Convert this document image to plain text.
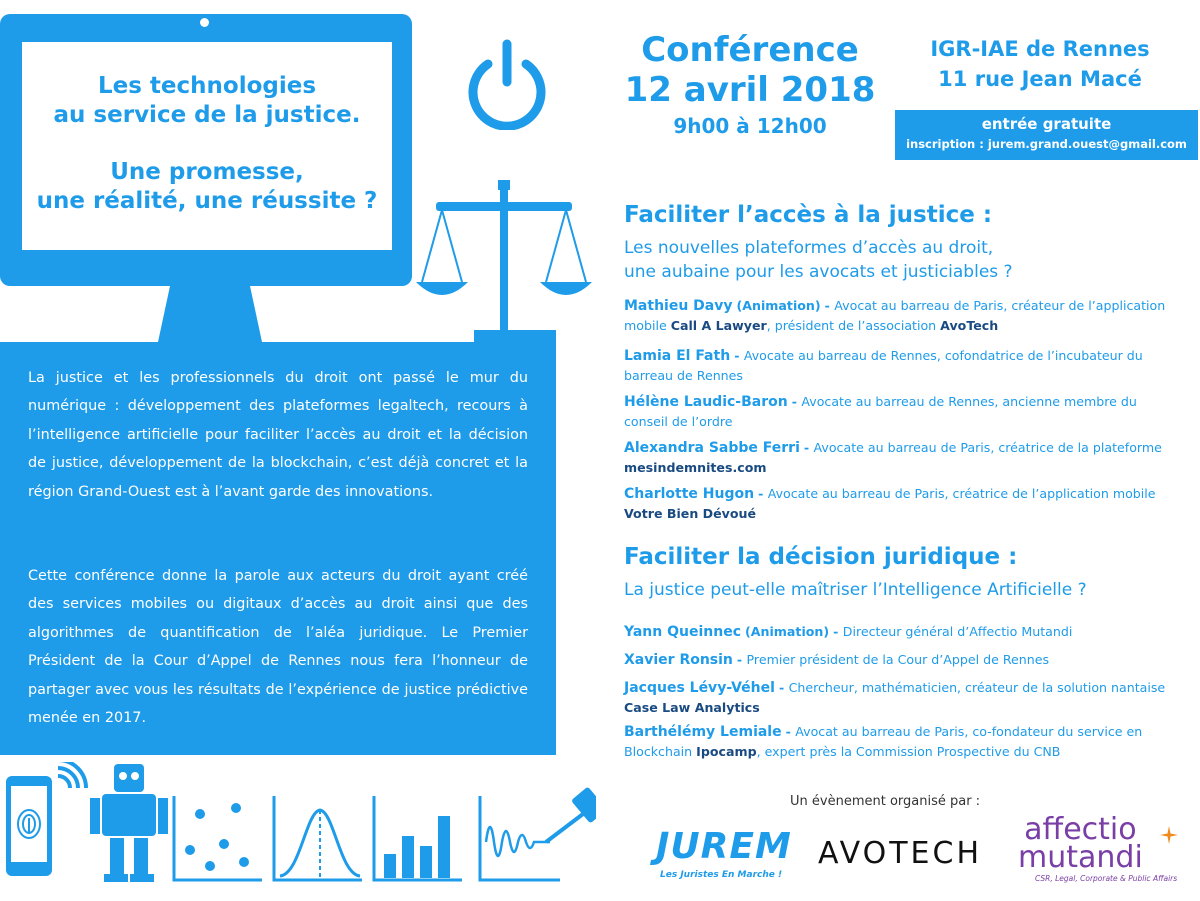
Les technologies
au service de la justice.
Une promesse,
une réalité, une réussite ?

La justice et les professionnels du droit ont passé le mur du numérique : développement des plateformes legaltech, recours à l’intelligence artificielle pour faciliter l’accès au droit et la décision de justice, développement de la blockchain, c’est déjà concret et la région Grand-Ouest est à l’avant garde des innovations.

Cette conférence donne la parole aux acteurs du droit ayant créé des services mobiles ou digitaux d’accès au droit ainsi que des algorithmes de quantification de l’aléa juridique. Le Premier Président de la Cour d’Appel de Rennes nous fera l’honneur de partager avec vous les résultats de l’expérience de justice prédictive menée en 2017.

Conférence
12 avril 2018
9h00 à 12h00
IGR-IAE de Rennes
11 rue Jean Macé
entrée gratuite
inscription : jurem.grand.ouest@gmail.com
Faciliter l’accès à la justice :
Les nouvelles plateformes d’accès au droit,
une aubaine pour les avocats et justiciables ?
Mathieu Davy (Animation) - Avocat au barreau de Paris, créateur de l’application mobile Call A Lawyer, président de l’association AvoTech
Lamia El Fath - Avocate au barreau de Rennes, cofondatrice de l’incubateur du barreau de Rennes
Hélène Laudic-Baron - Avocate au barreau de Rennes, ancienne membre du conseil de l’ordre
Alexandra Sabbe Ferri - Avocate au barreau de Paris, créatrice de la plateforme mesindemnites.com
Charlotte Hugon - Avocate au barreau de Paris, créatrice de l’application mobile Votre Bien Dévoué
Faciliter la décision juridique :
La justice peut-elle maîtriser l’Intelligence Artificielle ?
Yann Queinnec (Animation) - Directeur général d’Affectio Mutandi
Xavier Ronsin - Premier président de la Cour d’Appel de Rennes
Jacques Lévy-Véhel - Chercheur, mathématicien, créateur de la solution nantaise Case Law Analytics
Barthélémy Lemiale - Avocat au barreau de Paris, co-fondateur du service en Blockchain Ipocamp, expert près la Commission Prospective du CNB
Un évènement organisé par :
JUREM
Les Juristes En Marche !
AVOTECH
affectio
mutandi
CSR, Legal, Corporate & Public Affairs
